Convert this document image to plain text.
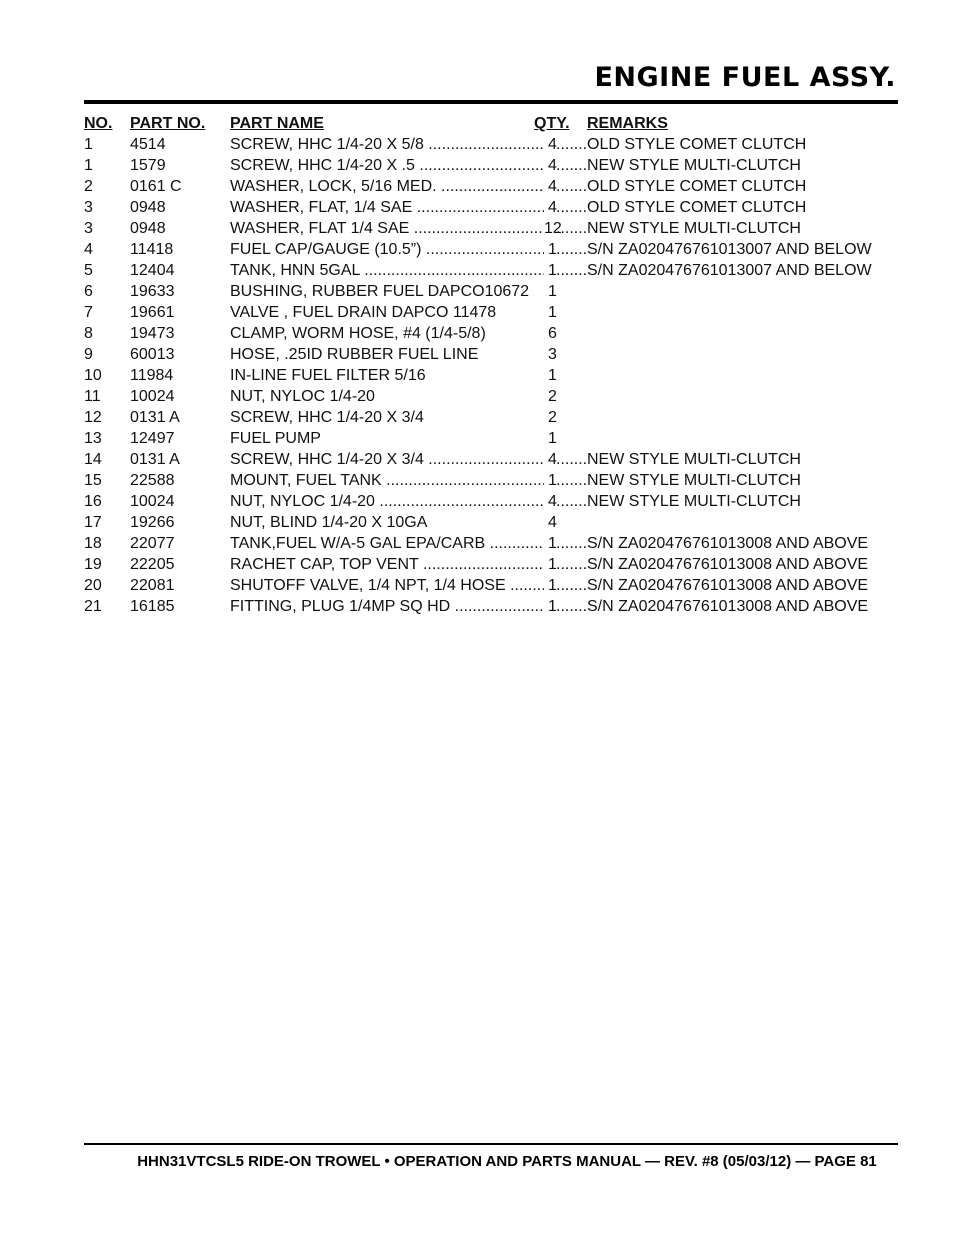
ENGINE FUEL ASSY.
NO. PART NO. PART NAME	QTY. REMARKS
1 4514	SCREW, HHC 1/4-20 X 5/8 .....	4 ..... OLD STYLE COMET CLUTCH
1 1579	SCREW, HHC 1/4-20 X .5 .....	4 ..... NEW STYLE MULTI-CLUTCH
2 0161 C	WASHER, LOCK, 5/16 MED. .....	4 ..... OLD STYLE COMET CLUTCH
3 0948	WASHER, FLAT, 1/4 SAE .....	4 ..... OLD STYLE COMET CLUTCH
3 0948	WASHER, FLAT 1/4 SAE .....	12 ..... NEW STYLE MULTI-CLUTCH
4 11418	FUEL CAP/GAUGE (10.5”) .....	1 ..... S/N ZA020476761013007 AND BELOW
5 12404	TANK, HNN 5GAL .....	1 ..... S/N ZA020476761013007 AND BELOW
6 19633	BUSHING, RUBBER FUEL DAPCO10672	1
7 19661	VALVE , FUEL DRAIN DAPCO 11478	1
8 19473	CLAMP, WORM HOSE, #4 (1/4-5/8)	6
9 60013	HOSE, .25ID RUBBER FUEL LINE	3
10 11984	IN-LINE FUEL FILTER 5/16	1
11 10024	NUT, NYLOC 1/4-20	2
12 0131 A	SCREW, HHC 1/4-20 X 3/4	2
13 12497	FUEL PUMP	1
14 0131 A	SCREW, HHC 1/4-20 X 3/4 .....	4 ..... NEW STYLE MULTI-CLUTCH
15 22588	MOUNT, FUEL TANK .....	1 ..... NEW STYLE MULTI-CLUTCH
16 10024	NUT, NYLOC 1/4-20 .....	4 ..... NEW STYLE MULTI-CLUTCH
17 19266	NUT, BLIND 1/4-20 X 10GA	4
18 22077	TANK,FUEL W/A-5 GAL EPA/CARB .....	1 ..... S/N ZA020476761013008 AND ABOVE
19 22205	RACHET CAP, TOP VENT .....	1 ..... S/N ZA020476761013008 AND ABOVE
20 22081	SHUTOFF VALVE, 1/4 NPT, 1/4 HOSE .....	1 ..... S/N ZA020476761013008 AND ABOVE
21 16185	FITTING, PLUG 1/4MP SQ HD .....	1 ..... S/N ZA020476761013008 AND ABOVE
HHN31VTCSL5 RIDE-ON TROWEL • OPERATION AND PARTS MANUAL — REV. #8 (05/03/12) — PAGE 81
